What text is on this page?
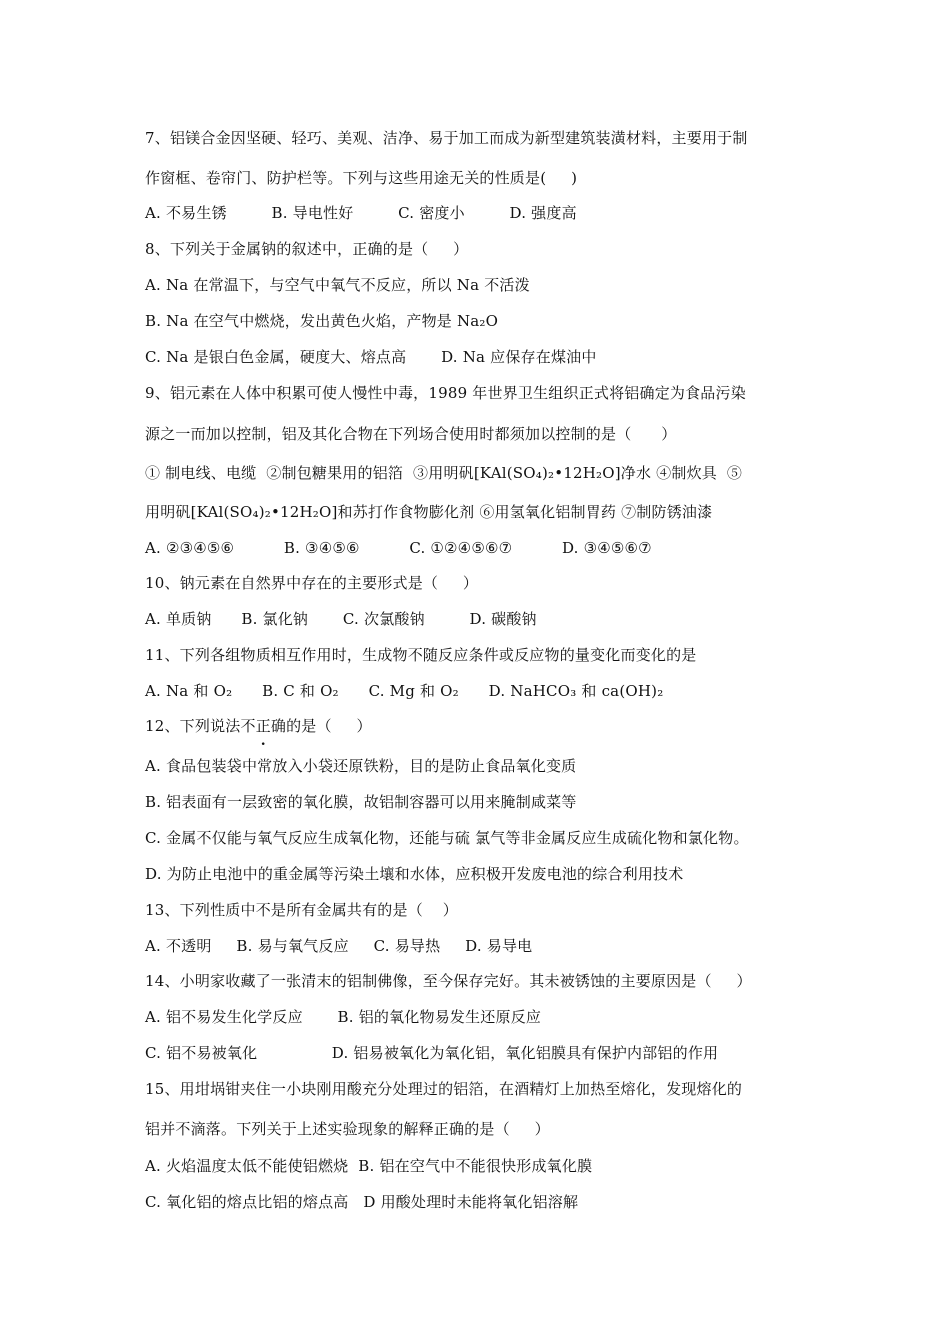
7、铝镁合金因坚硬、轻巧、美观、洁净、易于加工而成为新型建筑装潢材料，主要用于制
作窗框、卷帘门、防护栏等。下列与这些用途无关的性质是(     )
A. 不易生锈         B. 导电性好         C. 密度小         D. 强度高
8、下列关于金属钠的叙述中，正确的是（     ）
A. Na 在常温下，与空气中氧气不反应，所以 Na 不活泼
B. Na 在空气中燃烧，发出黄色火焰，产物是 Na₂O
C. Na 是银白色金属，硬度大、熔点高       D. Na 应保存在煤油中
9、铝元素在人体中积累可使人慢性中毒，1989 年世界卫生组织正式将铝确定为食品污染
源之一而加以控制，铝及其化合物在下列场合使用时都须加以控制的是（      ）
① 制电线、电缆  ②制包糖果用的铝箔  ③用明矾[KAl(SO₄)₂•12H₂O]净水 ④制炊具  ⑤
用明矾[KAl(SO₄)₂•12H₂O]和苏打作食物膨化剂 ⑥用氢氧化铝制胃药 ⑦制防锈油漆
A. ②③④⑤⑥          B. ③④⑤⑥          C. ①②④⑤⑥⑦          D. ③④⑤⑥⑦
10、钠元素在自然界中存在的主要形式是（     ）
A. 单质钠      B. 氯化钠       C. 次氯酸钠         D. 碳酸钠
11、下列各组物质相互作用时，生成物不随反应条件或反应物的量变化而变化的是
A. Na 和 O₂      B. C 和 O₂      C. Mg 和 O₂      D. NaHCO₃ 和 ca(OH)₂
12、下列说法不正确的是（     ）
A. 食品包装袋中常放入小袋还原铁粉，目的是防止食品氧化变质
B. 铝表面有一层致密的氧化膜，故铝制容器可以用来腌制咸菜等
C. 金属不仅能与氧气反应生成氧化物，还能与硫 氯气等非金属反应生成硫化物和氯化物。
D. 为防止电池中的重金属等污染土壤和水体，应积极开发废电池的综合利用技术
13、下列性质中不是所有金属共有的是（    ）
A. 不透明     B. 易与氧气反应     C. 易导热     D. 易导电
14、小明家收藏了一张清末的铝制佛像，至今保存完好。其未被锈蚀的主要原因是（     ）
A. 铝不易发生化学反应       B. 铝的氧化物易发生还原反应
C. 铝不易被氧化               D. 铝易被氧化为氧化铝，氧化铝膜具有保护内部铝的作用
15、用坩埚钳夹住一小块刚用酸充分处理过的铝箔，在酒精灯上加热至熔化，发现熔化的
铝并不滴落。下列关于上述实验现象的解释正确的是（     ）
A. 火焰温度太低不能使铝燃烧  B. 铝在空气中不能很快形成氧化膜
C. 氧化铝的熔点比铝的熔点高   D 用酸处理时未能将氧化铝溶解
